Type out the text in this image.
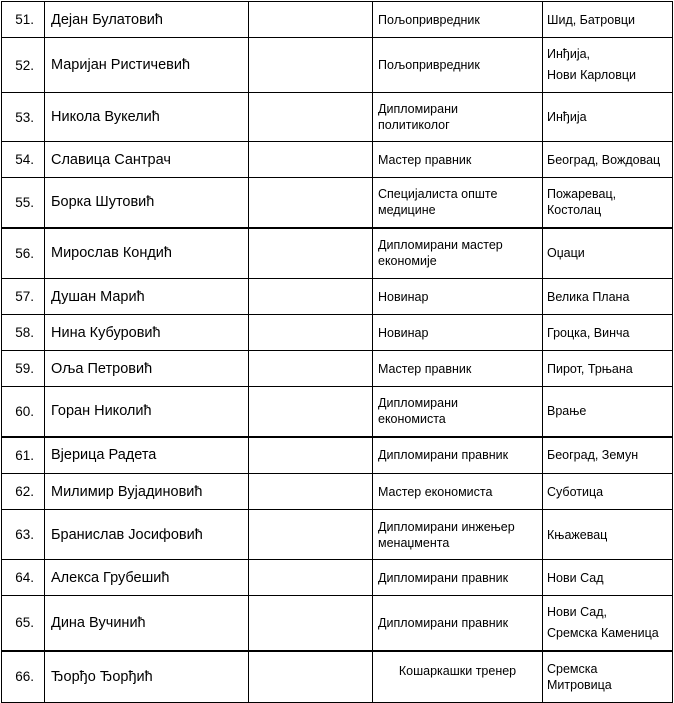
51.	Дејан Булатовић		Пољопривредник	Шид, Батровци

52.	Маријан Ристичевић		Пољопривредник	Инђија,
Нови Карловци

53.	Никола Вукелић		Дипломирани
политиколог	Инђија

54.	Славица Сантрач		Мастер правник	Београд, Вождовац

55.	Борка Шутовић		Специјалиста опште
медицине	Пожаревац,
Костолац

56.	Мирослав Кондић		Дипломирани мастер
економије	Оџаци

57.	Душан Марић		Новинар	Велика Плана

58.	Нина Кубуровић		Новинар	Гроцка, Винча

59.	Оља Петровић		Мастер правник	Пирот, Трњана

60.	Горан Николић		Дипломирани
економиста	Врање

61.	Вјерица Радета		Дипломирани правник	Београд, Земун

62.	Милимир Вујадиновић		Мастер економиста	Суботица

63.	Бранислав Јосифовић		Дипломирани инжењер
менаџмента	Књажевац

64.	Алекса Грубешић		Дипломирани правник	Нови Сад

65.	Дина Вучинић		Дипломирани правник	Нови Сад,
Сремска Каменица

66.	Ђорђо Ђорђић		Кошаркашки тренер	Сремска
Митровица
